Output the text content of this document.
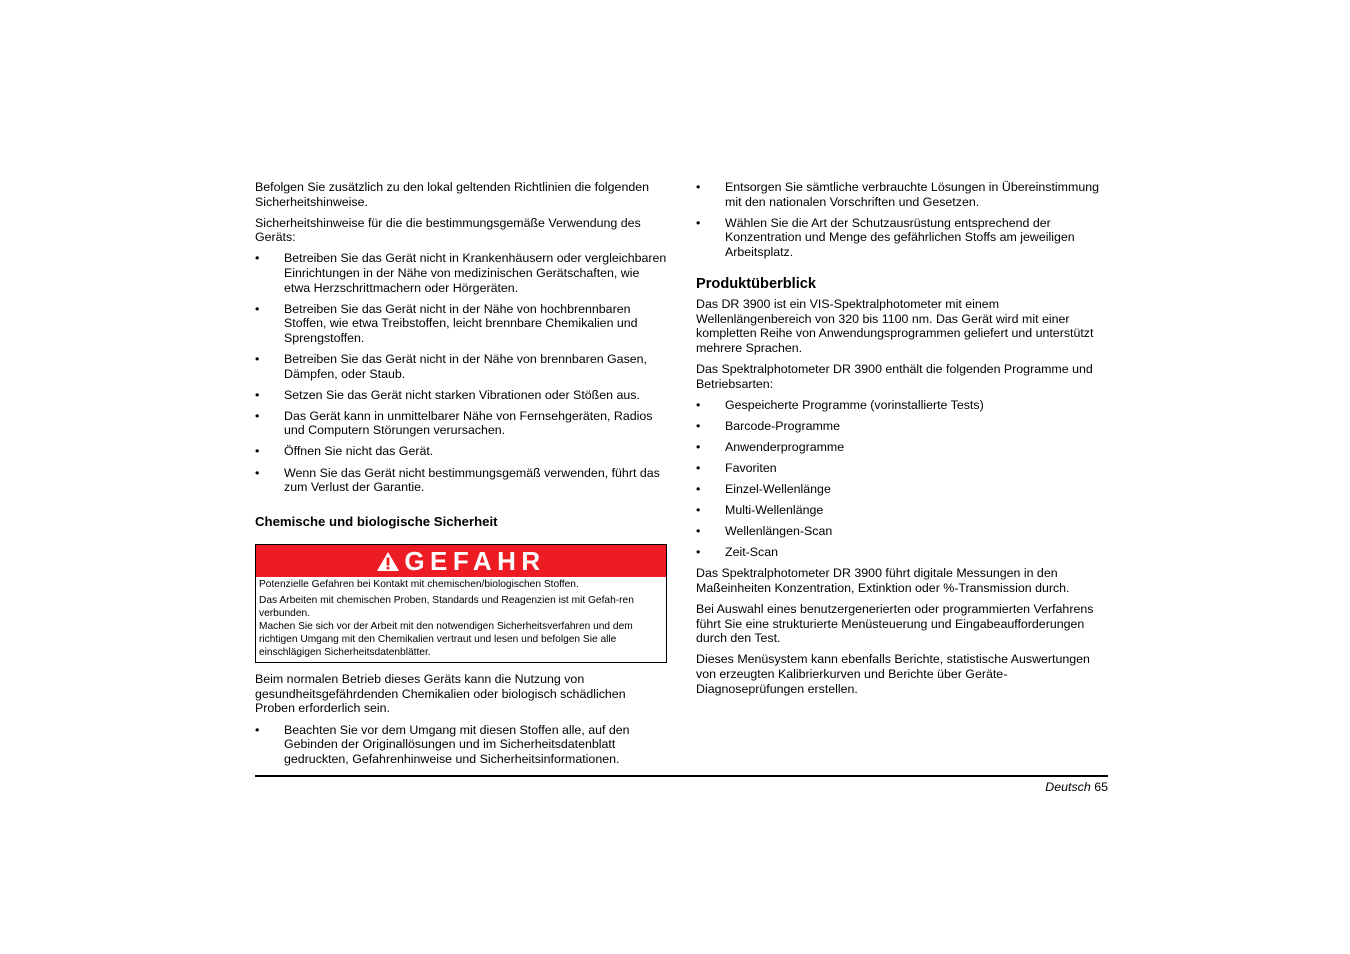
Befolgen Sie zusätzlich zu den lokal geltenden Richtlinien die folgenden Sicherheitshinweise.

Sicherheitshinweise für die die bestimmungsgemäße Verwendung des Geräts:

• Betreiben Sie das Gerät nicht in Krankenhäusern oder vergleichbaren Einrichtungen in der Nähe von medizinischen Gerätschaften, wie etwa Herzschrittmachern oder Hörgeräten.
• Betreiben Sie das Gerät nicht in der Nähe von hochbrennbaren Stoffen, wie etwa Treibstoffen, leicht brennbare Chemikalien und Sprengstoffen.
• Betreiben Sie das Gerät nicht in der Nähe von brennbaren Gasen, Dämpfen, oder Staub.
• Setzen Sie das Gerät nicht starken Vibrationen oder Stößen aus.
• Das Gerät kann in unmittelbarer Nähe von Fernsehgeräten, Radios und Computern Störungen verursachen.
• Öffnen Sie nicht das Gerät.
• Wenn Sie das Gerät nicht bestimmungsgemäß verwenden, führt das zum Verlust der Garantie.
Chemische und biologische Sicherheit
GEFAHR
Potenzielle Gefahren bei Kontakt mit chemischen/biologischen Stoffen.
Das Arbeiten mit chemischen Proben, Standards und Reagenzien ist mit Gefah-ren verbunden.
Machen Sie sich vor der Arbeit mit den notwendigen Sicherheitsverfahren und dem richtigen Umgang mit den Chemikalien vertraut und lesen und befolgen Sie alle einschlägigen Sicherheitsdatenblätter.

Beim normalen Betrieb dieses Geräts kann die Nutzung von gesundheitsgefährdenden Chemikalien oder biologisch schädlichen Proben erforderlich sein.

• Beachten Sie vor dem Umgang mit diesen Stoffen alle, auf den Gebinden der Originallösungen und im Sicherheitsdatenblatt gedruckten, Gefahrenhinweise und Sicherheitsinformationen.
• Entsorgen Sie sämtliche verbrauchte Lösungen in Übereinstimmung mit den nationalen Vorschriften und Gesetzen.
• Wählen Sie die Art der Schutzausrüstung entsprechend der Konzentration und Menge des gefährlichen Stoffs am jeweiligen Arbeitsplatz.
Produktüberblick

Das DR 3900 ist ein VIS-Spektralphotometer mit einem Wellenlängenbereich von 320 bis 1100 nm. Das Gerät wird mit einer kompletten Reihe von Anwendungsprogrammen geliefert und unterstützt mehrere Sprachen.

Das Spektralphotometer DR 3900 enthält die folgenden Programme und Betriebsarten:

• Gespeicherte Programme (vorinstallierte Tests)
• Barcode-Programme
• Anwenderprogramme
• Favoriten
• Einzel-Wellenlänge
• Multi-Wellenlänge
• Wellenlängen-Scan
• Zeit-Scan

Das Spektralphotometer DR 3900 führt digitale Messungen in den Maßeinheiten Konzentration, Extinktion oder %-Transmission durch.

Bei Auswahl eines benutzergenerierten oder programmierten Verfahrens führt Sie eine strukturierte Menüsteuerung und Eingabeaufforderungen durch den Test.

Dieses Menüsystem kann ebenfalls Berichte, statistische Auswertungen von erzeugten Kalibrierkurven und Berichte über Geräte-Diagnoseprüfungen erstellen.

Deutsch 65
